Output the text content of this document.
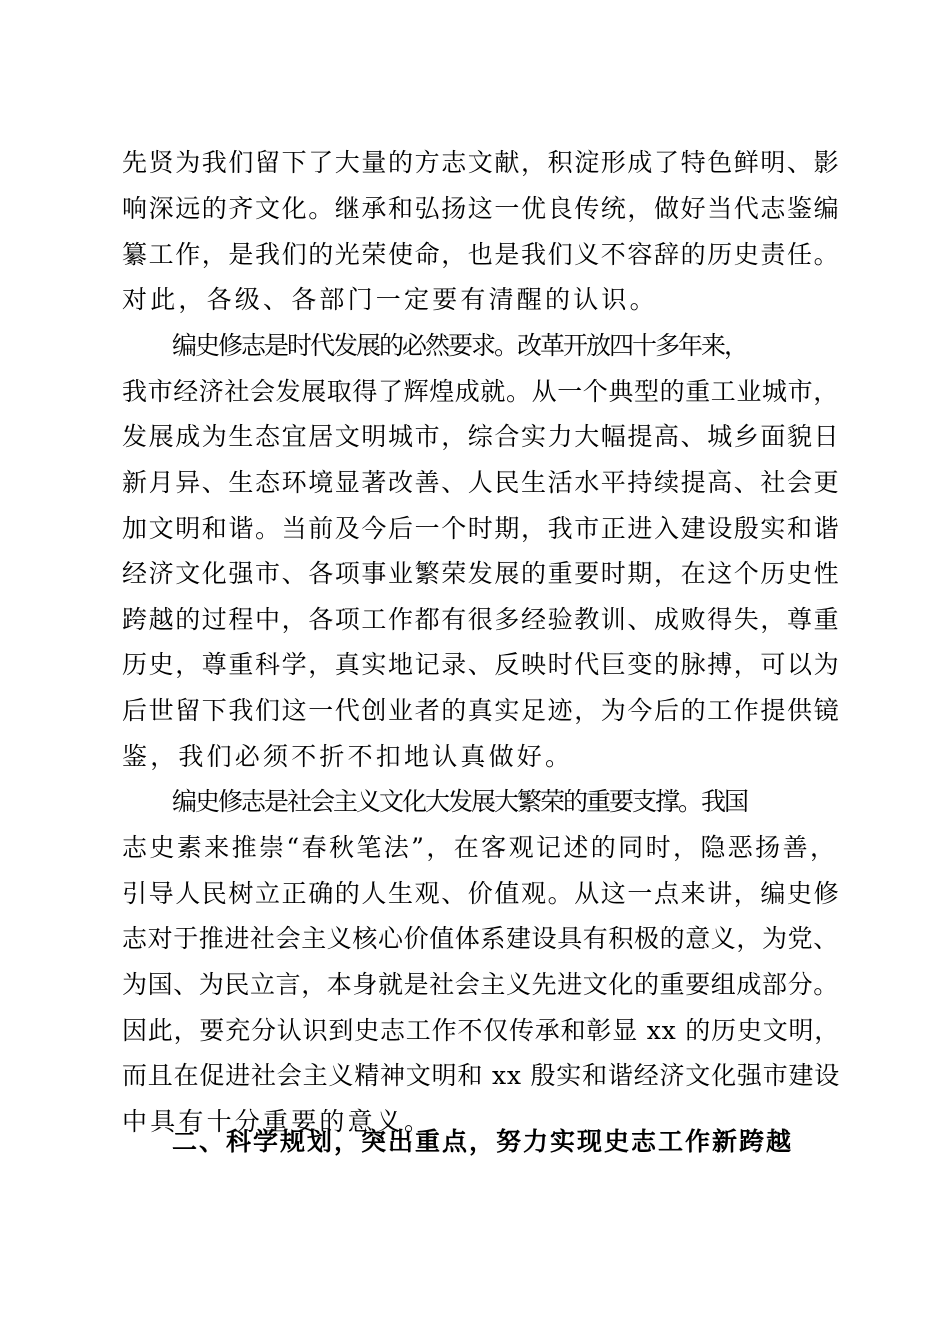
先贤为我们留下了大量的方志文献，积淀形成了特色鲜明、影
响深远的齐文化。继承和弘扬这一优良传统，做好当代志鉴编
纂工作，是我们的光荣使命，也是我们义不容辞的历史责任。
对此，各级、各部门一定要有清醒的认识。
编史修志是时代发展的必然要求。改革开放四十多年来，
我市经济社会发展取得了辉煌成就。从一个典型的重工业城市，
发展成为生态宜居文明城市，综合实力大幅提高、城乡面貌日
新月异、生态环境显著改善、人民生活水平持续提高、社会更
加文明和谐。当前及今后一个时期，我市正进入建设殷实和谐
经济文化强市、各项事业繁荣发展的重要时期，在这个历史性
跨越的过程中，各项工作都有很多经验教训、成败得失，尊重
历史，尊重科学，真实地记录、反映时代巨变的脉搏，可以为
后世留下我们这一代创业者的真实足迹，为今后的工作提供镜
鉴，我们必须不折不扣地认真做好。
编史修志是社会主义文化大发展大繁荣的重要支撑。我国
志史素来推崇“春秋笔法”，在客观记述的同时，隐恶扬善，
引导人民树立正确的人生观、价值观。从这一点来讲，编史修
志对于推进社会主义核心价值体系建设具有积极的意义，为党、
为国、为民立言，本身就是社会主义先进文化的重要组成部分。
因此，要充分认识到史志工作不仅传承和彰显 xx 的历史文明，
而且在促进社会主义精神文明和 xx 殷实和谐经济文化强市建设
中具有十分重要的意义。
二、科学规划，突出重点，努力实现史志工作新跨越
